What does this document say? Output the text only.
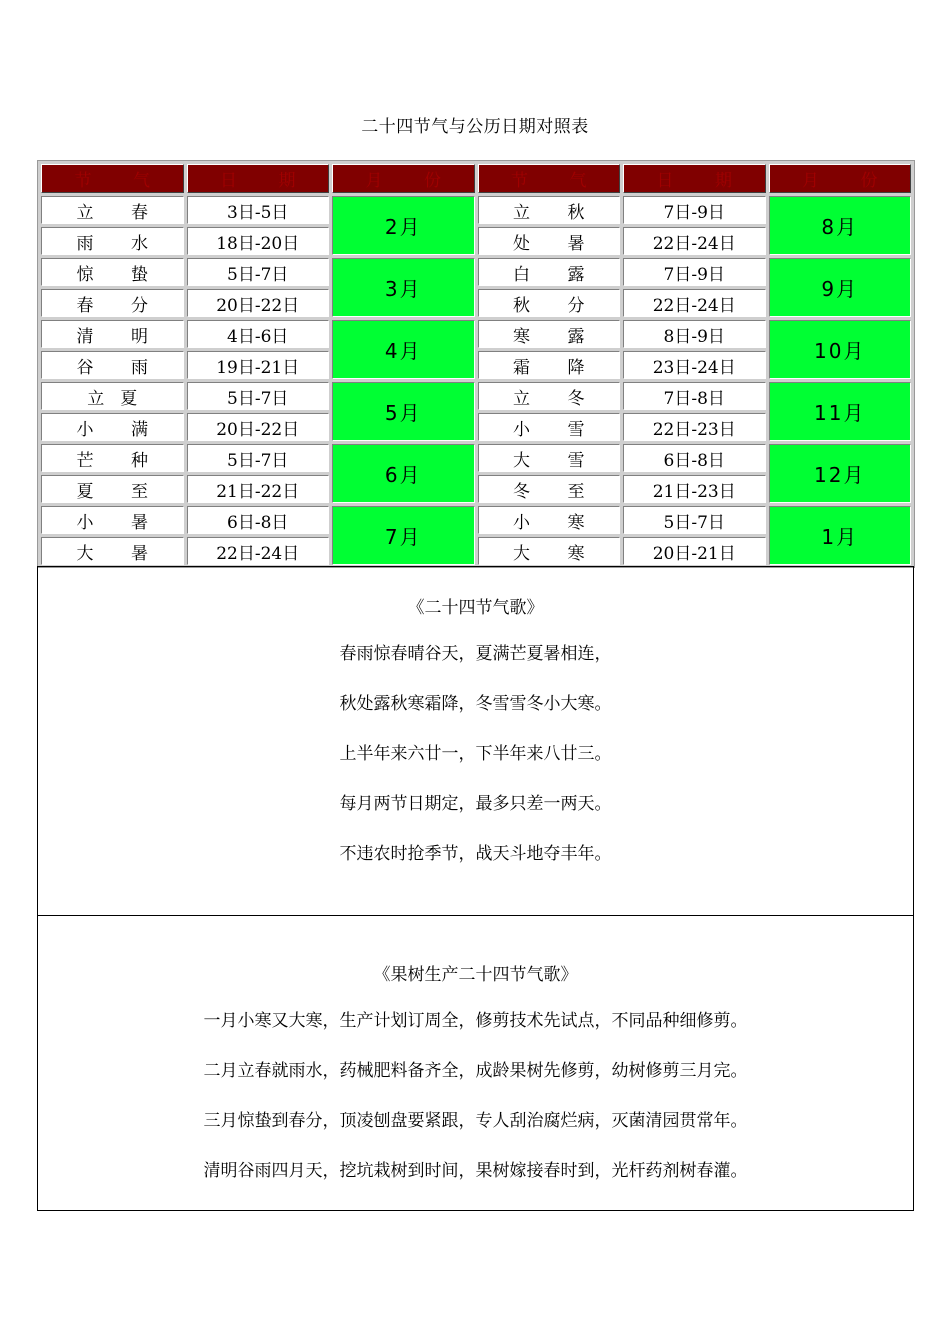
二十四节气与公历日期对照表
节 气	日 期	月 份	节 气	日 期	月 份
立 春	3日-5日	2月	立 秋	7日-9日	8月
雨 水	18日-20日		处 暑	22日-24日	
惊 蛰	5日-7日	3月	白 露	7日-9日	9月
春 分	20日-22日		秋 分	22日-24日	
清 明	4日-6日	4月	寒 露	8日-9日	10月
谷 雨	19日-21日		霜 降	23日-24日	
立夏	5日-7日	5月	立 冬	7日-8日	11月
小 满	20日-22日		小 雪	22日-23日	
芒 种	5日-7日	6月	大 雪	6日-8日	12月
夏 至	21日-22日		冬 至	21日-23日	
小 暑	6日-8日	7月	小 寒	5日-7日	1月
大 暑	22日-24日		大 寒	20日-21日	

《二十四节气歌》

春雨惊春晴谷天，夏满芒夏暑相连，
秋处露秋寒霜降，冬雪雪冬小大寒。
上半年来六廿一，下半年来八廿三。
每月两节日期定，最多只差一两天。
不违农时抢季节，战天斗地夺丰年。

《果树生产二十四节气歌》

一月小寒又大寒，生产计划订周全，修剪技术先试点，不同品种细修剪。
二月立春就雨水，药械肥料备齐全，成龄果树先修剪，幼树修剪三月完。
三月惊蛰到春分，顶凌刨盘要紧跟，专人刮治腐烂病，灭菌清园贯常年。
清明谷雨四月天，挖坑栽树到时间，果树嫁接春时到，光杆药剂树春灌。
